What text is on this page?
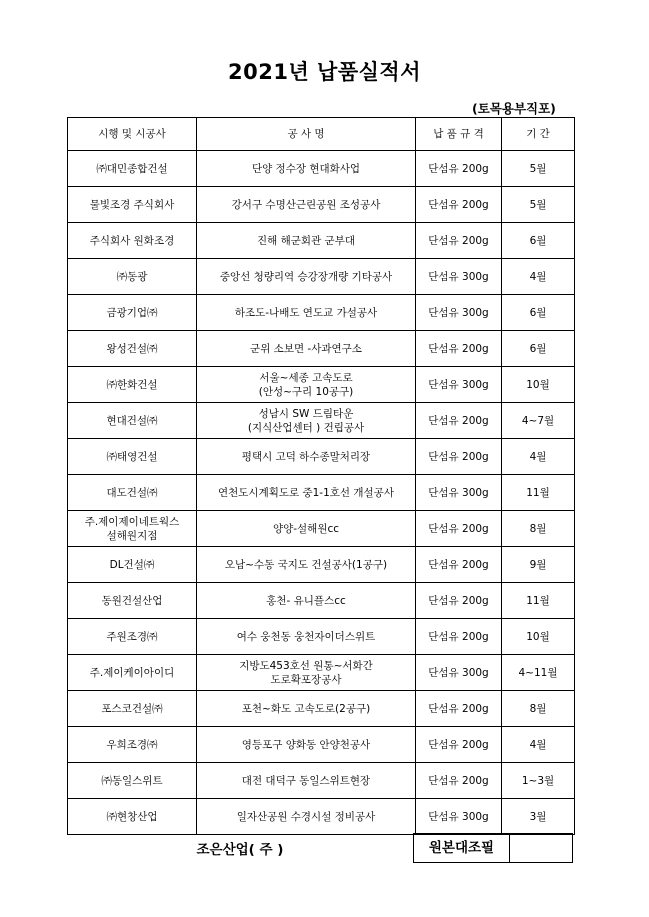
2021년 납품실적서
(토목용부직포)
시행 및 시공사	공 사 명	납 품 규 격	기 간
㈜대민종합건설	단양 정수장 현대화사업	단섬유 200g	5월
물빛조경 주식회사	강서구 수명산근린공원 조성공사	단섬유 200g	5월
주식회사 원화조경	진해 해군회관 군부대	단섬유 200g	6월
㈜동광	중앙선 청량리역 승강장개량 기타공사	단섬유 300g	4월
금광기업㈜	하조도-나배도 연도교 가설공사	단섬유 300g	6월
왕성건설㈜	군위 소보면 -사과연구소	단섬유 200g	6월
㈜한화건설	서울~세종 고속도로
(안성~구리 10공구)	단섬유 300g	10월
현대건설㈜	성남시 SW 드림타운
(지식산업센터 ) 건립공사	단섬유 200g	4~7월
㈜태영건설	평택시 고덕 하수종말처리장	단섬유 200g	4월
대도건설㈜	연천도시계획도로 중1-1호선 개설공사	단섬유 300g	11월
주.제이제이네트웍스
설해원지점	양양-설해원cc	단섬유 200g	8월
DL건설㈜	오남~수동 국지도 건설공사(1공구)	단섬유 200g	9월
동원건설산업	홍천- 유니플스cc	단섬유 200g	11월
주원조경㈜	여수 웅천동 웅천자이더스위트	단섬유 200g	10월
주.제이케이아이디	지방도453호선 원통~서화간
도로확포장공사	단섬유 300g	4~11월
포스코건설㈜	포천~화도 고속도로(2공구)	단섬유 200g	8월
우희조경㈜	영등포구 양화동 안양천공사	단섬유 200g	4월
㈜동일스위트	대전 대덕구 동일스위트현장	단섬유 200g	1~3월
㈜현창산업	일자산공원 수경시설 정비공사	단섬유 300g	3월
조은산업( 주 )	원본대조필
